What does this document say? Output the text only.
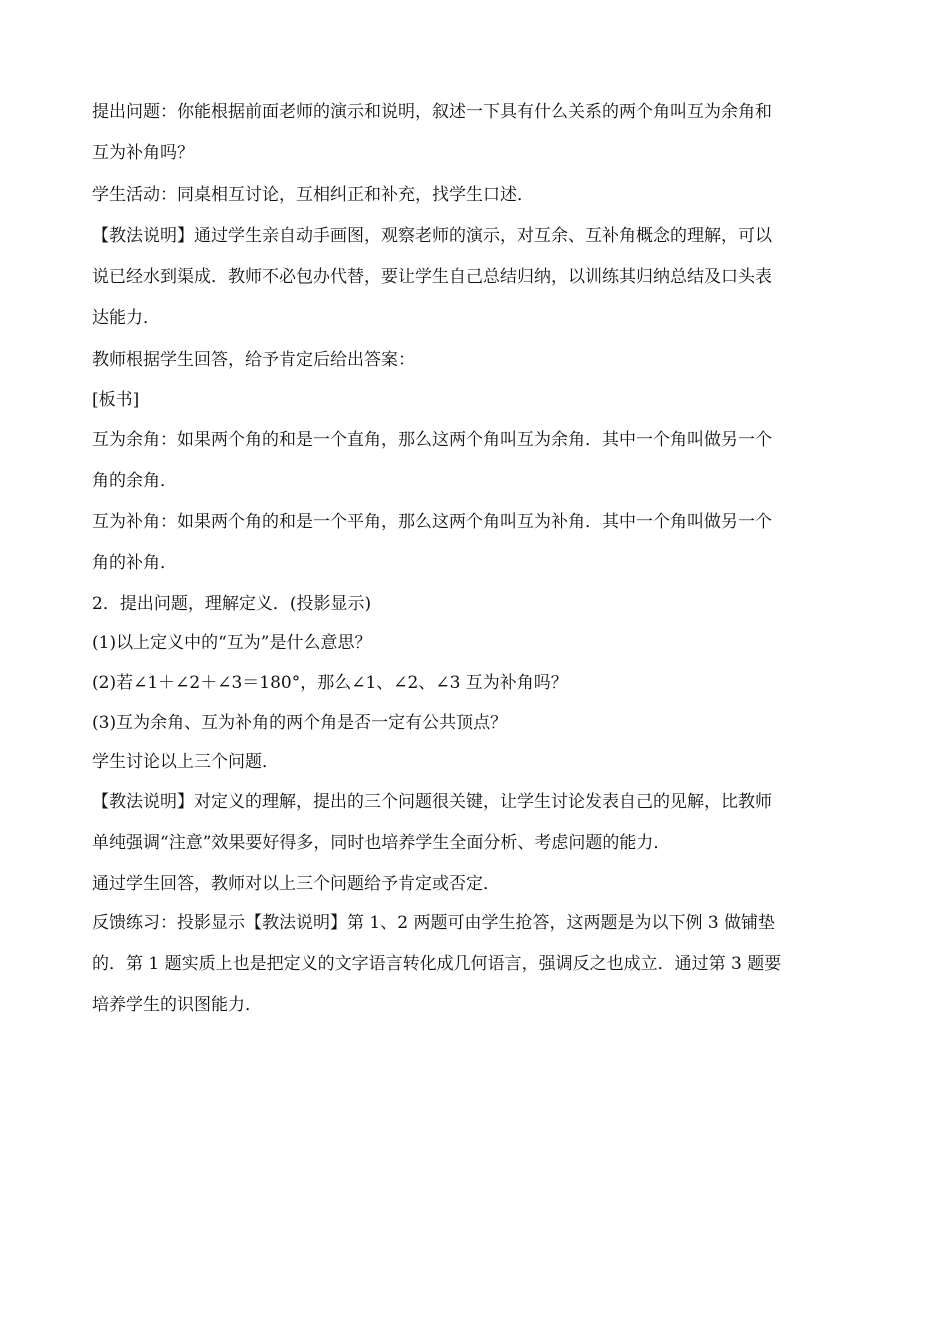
提出问题：你能根据前面老师的演示和说明，叙述一下具有什么关系的两个角叫互为余角和
互为补角吗？
学生活动：同桌相互讨论，互相纠正和补充，找学生口述．
【教法说明】通过学生亲自动手画图，观察老师的演示，对互余、互补角概念的理解，可以
说已经水到渠成．教师不必包办代替，要让学生自己总结归纳，以训练其归纳总结及口头表
达能力．
教师根据学生回答，给予肯定后给出答案：
[板书]
互为余角：如果两个角的和是一个直角，那么这两个角叫互为余角．其中一个角叫做另一个
角的余角．
互为补角：如果两个角的和是一个平角，那么这两个角叫互为补角．其中一个角叫做另一个
角的补角．
2．提出问题，理解定义．(投影显示)
(1)以上定义中的“互为”是什么意思？
(2)若∠1＋∠2＋∠3＝180°，那么∠1、∠2、∠3 互为补角吗？
(3)互为余角、互为补角的两个角是否一定有公共顶点？
学生讨论以上三个问题．
【教法说明】对定义的理解，提出的三个问题很关键，让学生讨论发表自己的见解，比教师
单纯强调“注意”效果要好得多，同时也培养学生全面分析、考虑问题的能力．
通过学生回答，教师对以上三个问题给予肯定或否定．
反馈练习：投影显示【教法说明】第 1、2 两题可由学生抢答，这两题是为以下例 3 做铺垫
的．第 1 题实质上也是把定义的文字语言转化成几何语言，强调反之也成立．通过第 3 题要
培养学生的识图能力．
